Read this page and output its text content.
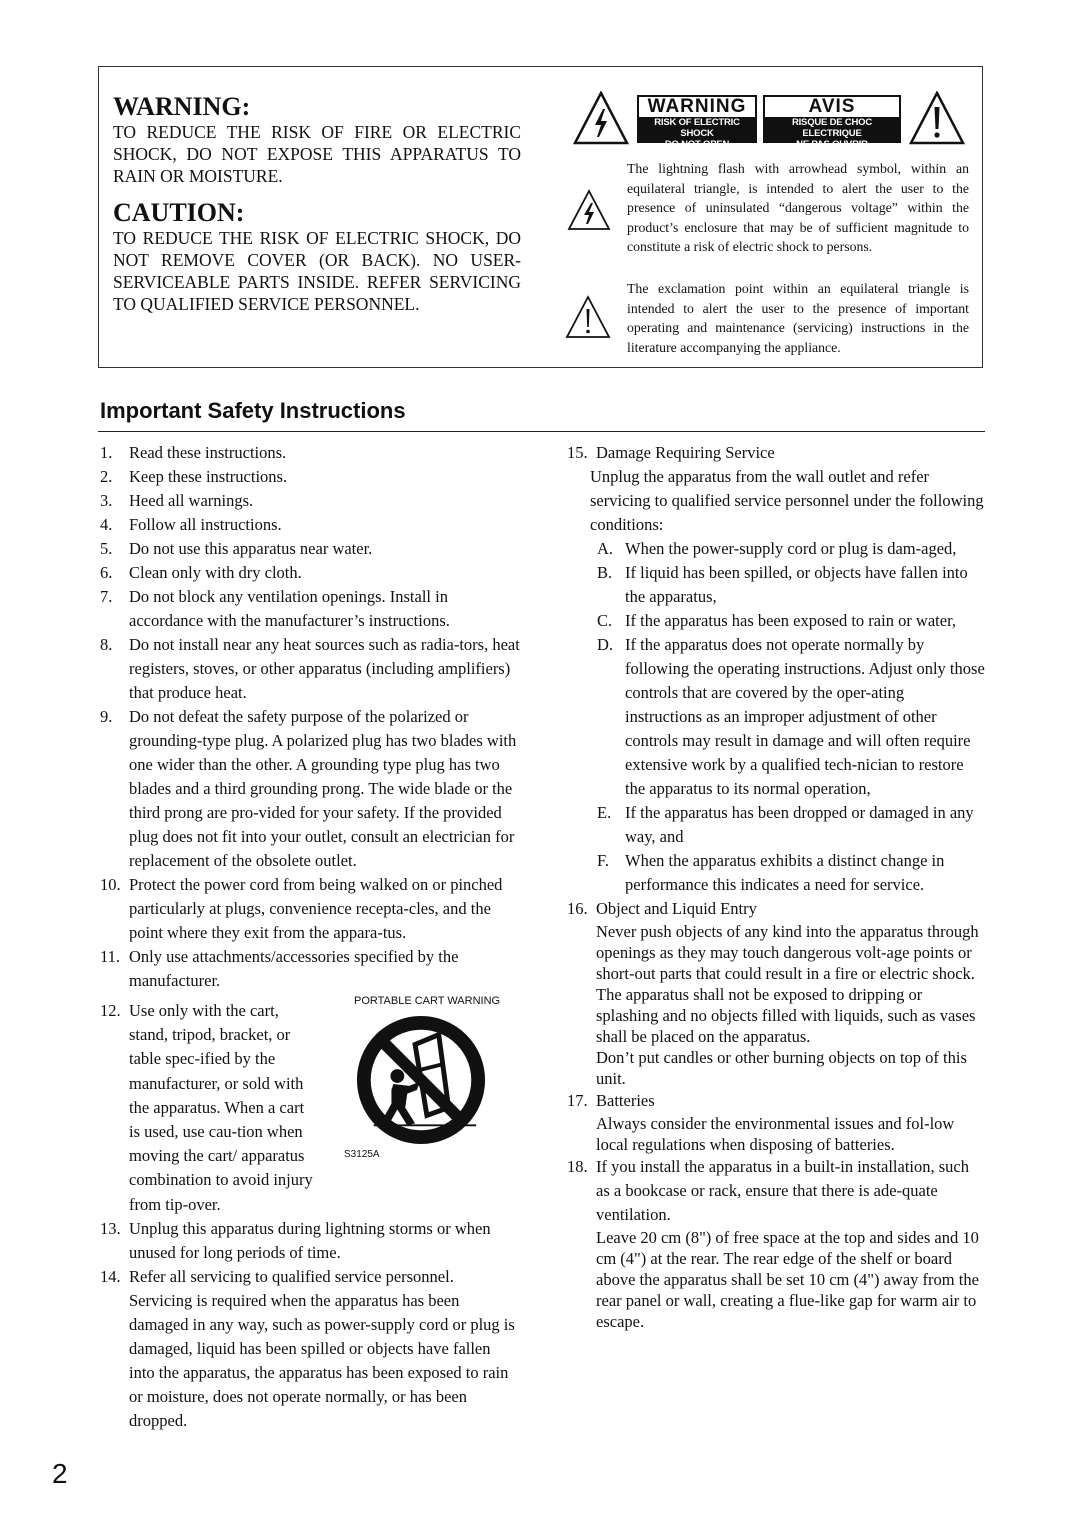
WARNING:

TO REDUCE THE RISK OF FIRE OR ELECTRIC SHOCK, DO NOT EXPOSE THIS APPARATUS TO RAIN OR MOISTURE.

CAUTION:

TO REDUCE THE RISK OF ELECTRIC SHOCK, DO NOT REMOVE COVER (OR BACK). NO USER-SERVICEABLE PARTS INSIDE. REFER SERVICING TO QUALIFIED SERVICE PERSONNEL.

WARNING
RISK OF ELECTRIC SHOCK
DO NOT OPEN
AVIS
RISQUE DE CHOC ELECTRIQUE
NE PAS OUVRIR

The lightning flash with arrowhead symbol, within an equilateral triangle, is intended to alert the user to the presence of uninsulated “dangerous voltage” within the product’s enclosure that may be of sufficient magnitude to constitute a risk of electric shock to persons.

The exclamation point within an equilateral triangle is intended to alert the user to the presence of important operating and maintenance (servicing) instructions in the literature accompanying the appliance.

Important Safety Instructions
1. Read these instructions.
2. Keep these instructions.
3. Heed all warnings.
4. Follow all instructions.
5. Do not use this apparatus near water.
6. Clean only with dry cloth.
7. Do not block any ventilation openings. Install in accordance with the manufacturer’s instructions.
8. Do not install near any heat sources such as radia-tors, heat registers, stoves, or other apparatus (including amplifiers) that produce heat.
9. Do not defeat the safety purpose of the polarized or grounding-type plug. A polarized plug has two blades with one wider than the other. A grounding type plug has two blades and a third grounding prong. The wide blade or the third prong are pro-vided for your safety. If the provided plug does not fit into your outlet, consult an electrician for replacement of the obsolete outlet.
10. Protect the power cord from being walked on or pinched particularly at plugs, convenience recepta-cles, and the point where they exit from the appara-tus.
11. Only use attachments/accessories specified by the manufacturer.
12. Use only with the cart, stand, tripod, bracket, or table spec-ified by the manufacturer, or sold with the apparatus. When a cart is used, use cau-tion when moving the cart/ apparatus combination to avoid injury from tip-over.
PORTABLE CART WARNING
S3125A
13. Unplug this apparatus during lightning storms or when unused for long periods of time.
14. Refer all servicing to qualified service personnel. Servicing is required when the apparatus has been damaged in any way, such as power-supply cord or plug is damaged, liquid has been spilled or objects have fallen into the apparatus, the apparatus has been exposed to rain or moisture, does not operate normally, or has been dropped.
15. Damage Requiring Service

Unplug the apparatus from the wall outlet and refer servicing to qualified service personnel under the following conditions:

A. When the power-supply cord or plug is dam-aged,
B. If liquid has been spilled, or objects have fallen into the apparatus,
C. If the apparatus has been exposed to rain or water,
D. If the apparatus does not operate normally by following the operating instructions. Adjust only those controls that are covered by the oper-ating instructions as an improper adjustment of other controls may result in damage and will often require extensive work by a qualified tech-nician to restore the apparatus to its normal operation,
E. If the apparatus has been dropped or damaged in any way, and
F. When the apparatus exhibits a distinct change in performance this indicates a need for service.
16. Object and Liquid Entry

Never push objects of any kind into the apparatus through openings as they may touch dangerous volt-age points or short-out parts that could result in a fire or electric shock.

The apparatus shall not be exposed to dripping or splashing and no objects filled with liquids, such as vases shall be placed on the apparatus.

Don’t put candles or other burning objects on top of this unit.

17. Batteries

Always consider the environmental issues and fol-low local regulations when disposing of batteries.

18. If you install the apparatus in a built-in installation, such as a bookcase or rack, ensure that there is ade-quate ventilation.

Leave 20 cm (8") of free space at the top and sides and 10 cm (4") at the rear. The rear edge of the shelf or board above the apparatus shall be set 10 cm (4") away from the rear panel or wall, creating a flue-like gap for warm air to escape.

2
